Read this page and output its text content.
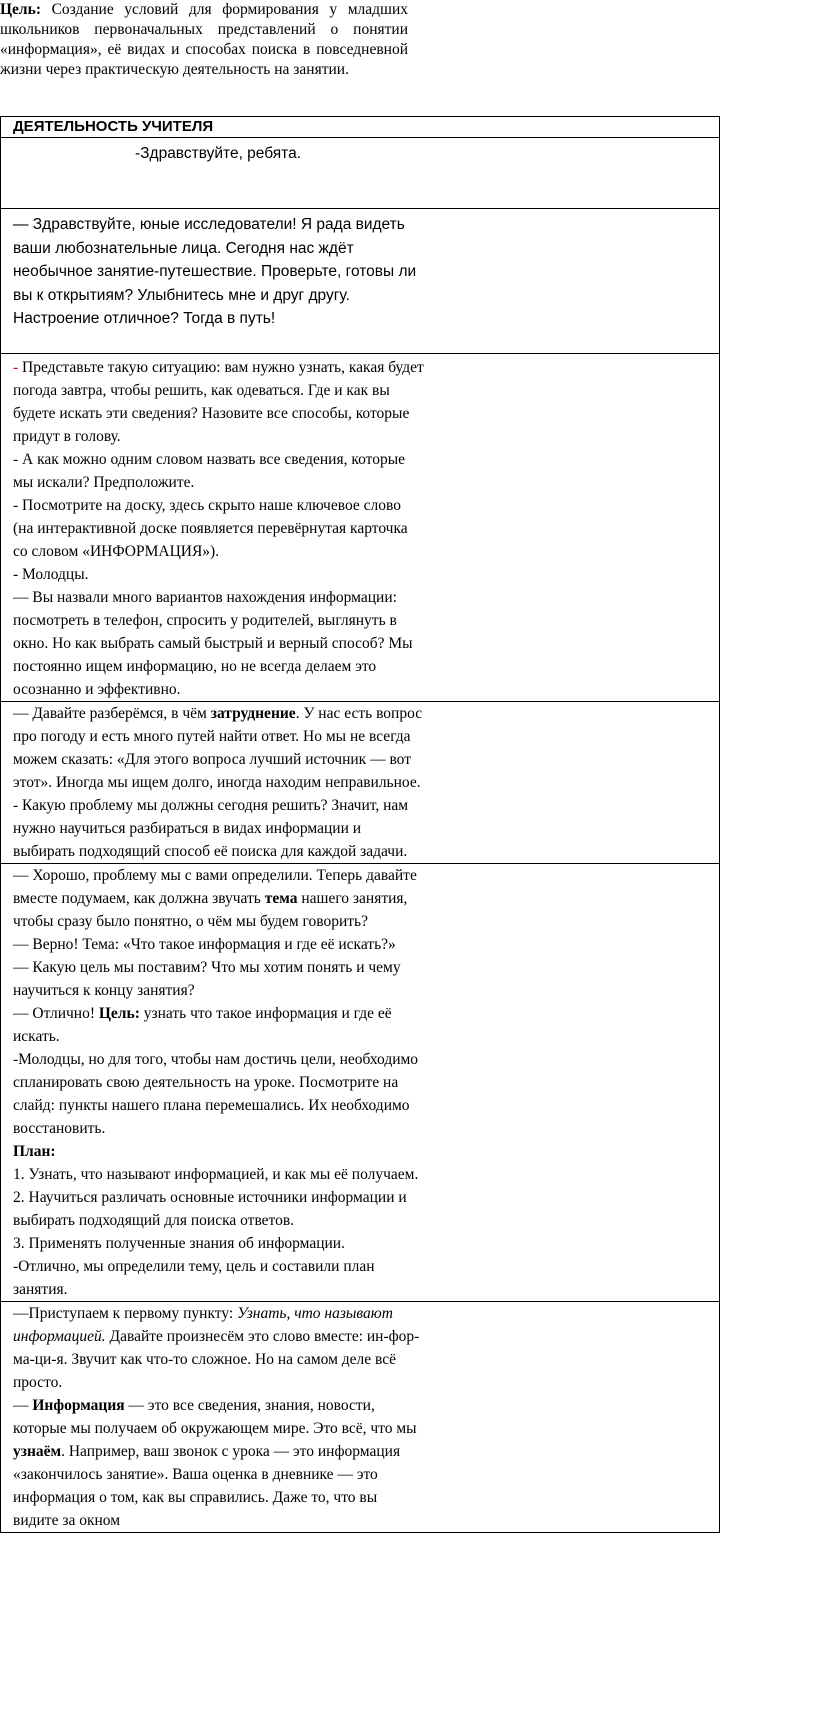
Цель: Создание условий для формирования у младших школьников первоначальных представлений о понятии «информация», её видах и способах поиска в повседневной жизни через практическую деятельность на занятии.
ДЕЯТЕЛЬНОСТЬ УЧИТЕЛЯ

-Здравствуйте, ребята.

— Здравствуйте, юные исследователи! Я рада видеть ваши любознательные лица. Сегодня нас ждёт необычное занятие-путешествие. Проверьте, готовы ли вы к открытиям? Улыбнитесь мне и друг другу. Настроение отличное? Тогда в путь!

- Представьте такую ситуацию: вам нужно узнать, какая будет погода завтра, чтобы решить, как одеваться. Где и как вы будете искать эти сведения? Назовите все способы, которые придут в голову.
- А как можно одним словом назвать все сведения, которые мы искали? Предположите.
- Посмотрите на доску, здесь скрыто наше ключевое слово (на интерактивной доске появляется перевёрнутая карточка со словом «ИНФОРМАЦИЯ»).
- Молодцы.
— Вы назвали много вариантов нахождения информации: посмотреть в телефон, спросить у родителей, выглянуть в окно. Но как выбрать самый быстрый и верный способ? Мы постоянно ищем информацию, но не всегда делаем это осознанно и эффективно.

— Давайте разберёмся, в чём затруднение. У нас есть вопрос про погоду и есть много путей найти ответ. Но мы не всегда можем сказать: «Для этого вопроса лучший источник — вот этот». Иногда мы ищем долго, иногда находим неправильное.
- Какую проблему мы должны сегодня решить? Значит, нам нужно научиться разбираться в видах информации и выбирать подходящий способ её поиска для каждой задачи.

— Хорошо, проблему мы с вами определили. Теперь давайте вместе подумаем, как должна звучать тема нашего занятия, чтобы сразу было понятно, о чём мы будем говорить?
— Верно! Тема: «Что такое информация и где её искать?»
— Какую цель мы поставим? Что мы хотим понять и чему научиться к концу занятия?
— Отлично! Цель: узнать что такое информация и где её искать.
-Молодцы, но для того, чтобы нам достичь цели, необходимо спланировать свою деятельность на уроке. Посмотрите на слайд: пункты нашего плана перемешались. Их необходимо восстановить.
План:
1. Узнать, что называют информацией, и как мы её получаем.
2. Научиться различать основные источники информации и выбирать подходящий для поиска ответов.
3. Применять полученные знания об информации.
-Отлично, мы определили тему, цель и составили план занятия.

—Приступаем к первому пункту: Узнать, что называют информацией. Давайте произнесём это слово вместе: ин-фор-ма-ци-я. Звучит как что-то сложное. Но на самом деле всё просто.
— Информация — это все сведения, знания, новости, которые мы получаем об окружающем мире. Это всё, что мы узнаём. Например, ваш звонок с урока — это информация «закончилось занятие». Ваша оценка в дневнике — это информация о том, как вы справились. Даже то, что вы видите за окном
